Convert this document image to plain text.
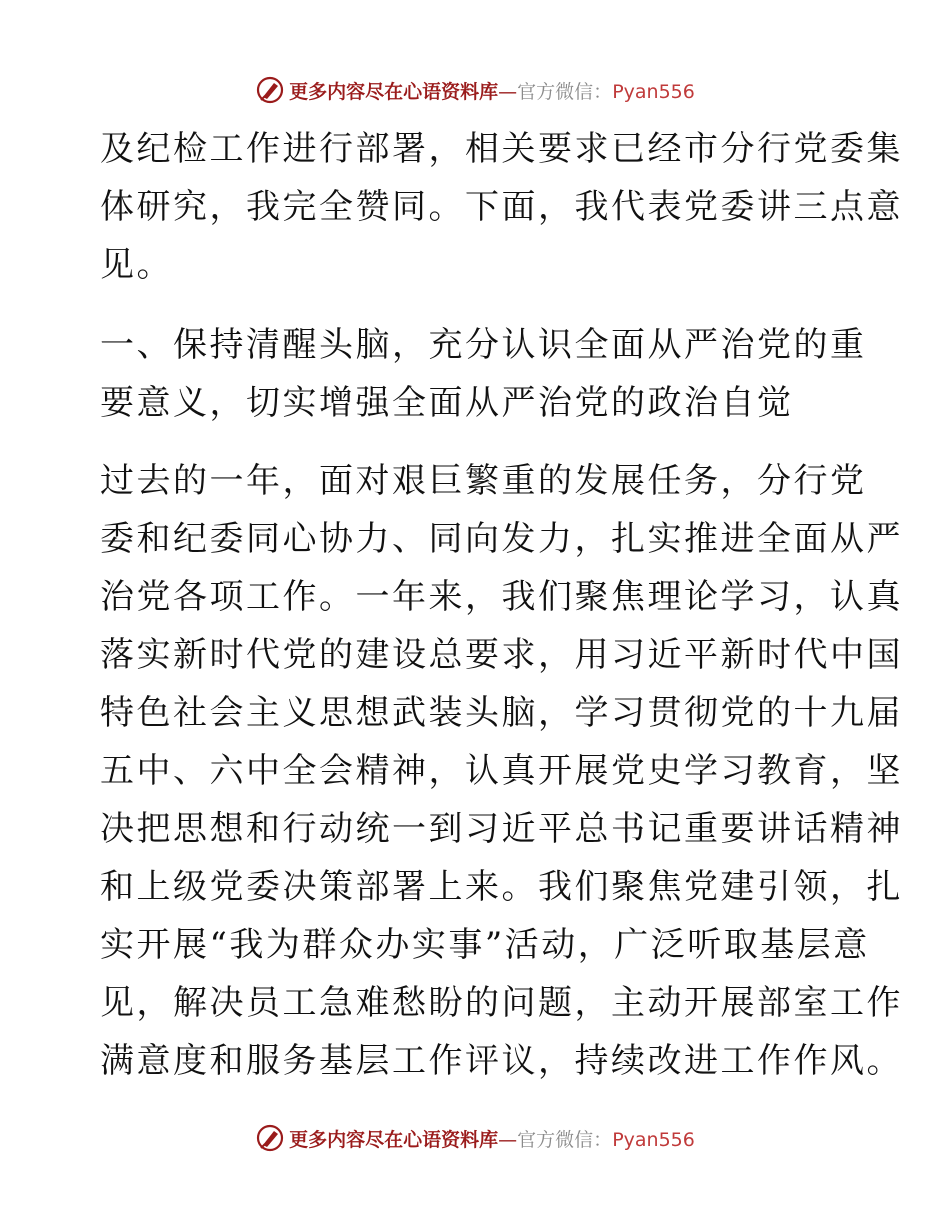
更多内容尽在心语资料库—官方微信：Pyan556

及纪检工作进行部署，相关要求已经市分行党委集
体研究，我完全赞同。下面，我代表党委讲三点意
见。

一、保持清醒头脑，充分认识全面从严治党的重
要意义，切实增强全面从严治党的政治自觉

过去的一年，面对艰巨繁重的发展任务，分行党
委和纪委同心协力、同向发力，扎实推进全面从严
治党各项工作。一年来，我们聚焦理论学习，认真
落实新时代党的建设总要求，用习近平新时代中国
特色社会主义思想武装头脑，学习贯彻党的十九届
五中、六中全会精神，认真开展党史学习教育，坚
决把思想和行动统一到习近平总书记重要讲话精神
和上级党委决策部署上来。我们聚焦党建引领，扎
实开展“我为群众办实事”活动，广泛听取基层意
见，解决员工急难愁盼的问题，主动开展部室工作
满意度和服务基层工作评议，持续改进工作作风。

更多内容尽在心语资料库—官方微信：Pyan556
